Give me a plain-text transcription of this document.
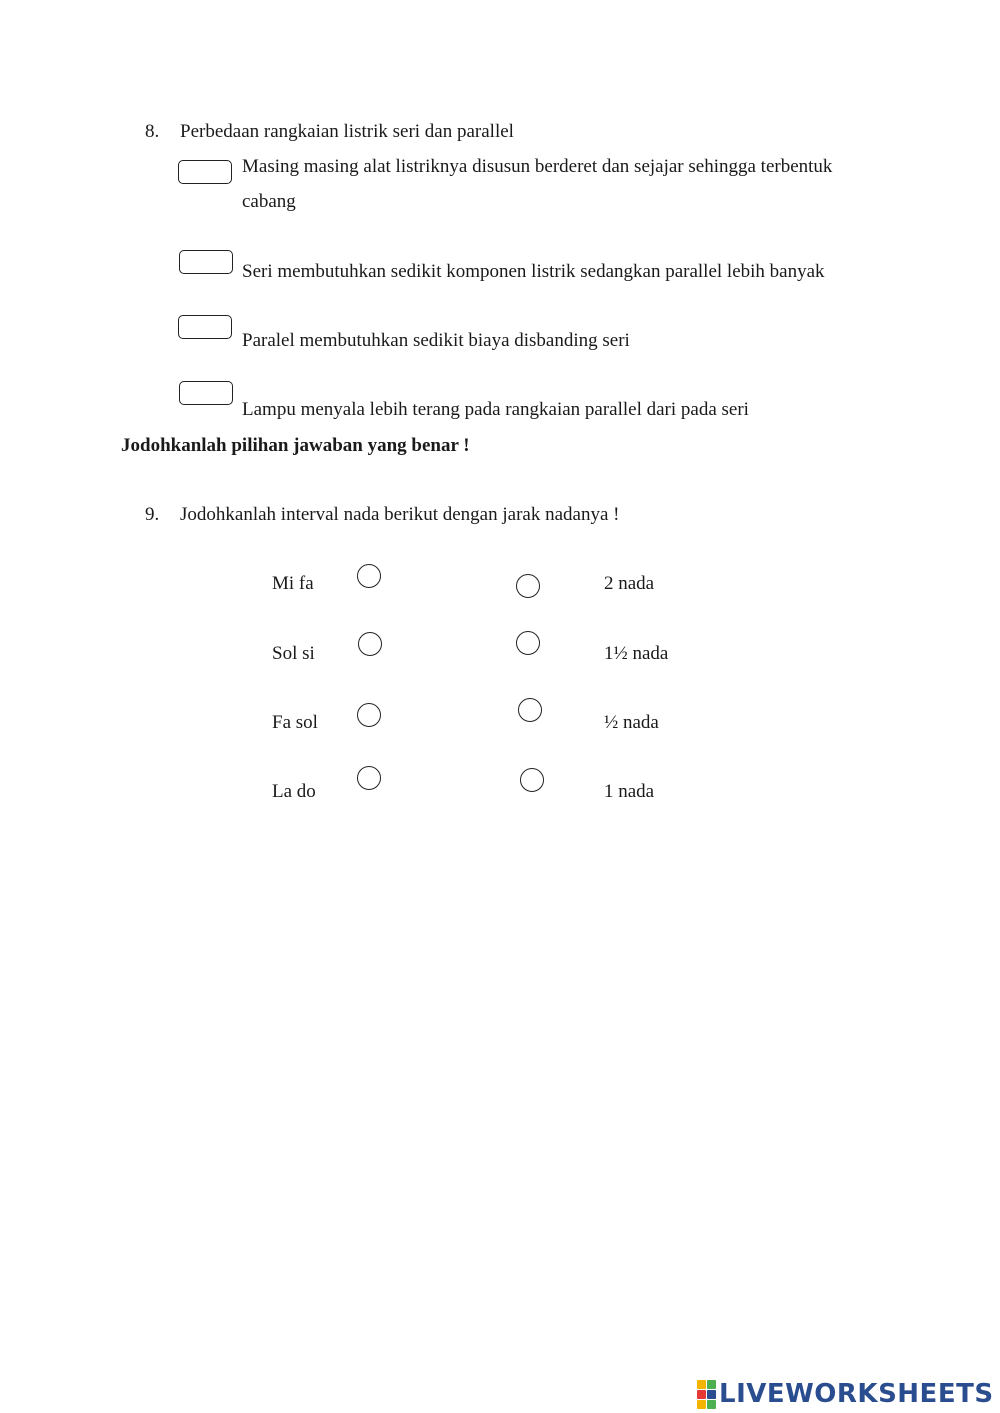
8. Perbedaan rangkaian listrik seri dan parallel
Masing masing alat listriknya disusun berderet dan sejajar sehingga terbentuk
cabang
Seri membutuhkan sedikit komponen listrik sedangkan parallel lebih banyak
Paralel membutuhkan sedikit biaya disbanding seri
Lampu menyala lebih terang pada rangkaian parallel dari pada seri
Jodohkanlah pilihan jawaban yang benar !
9. Jodohkanlah interval nada berikut dengan jarak nadanya !
Mi fa
Sol si
Fa sol
La do
2 nada
1½ nada
½ nada
1 nada
LIVEWORKSHEETS
